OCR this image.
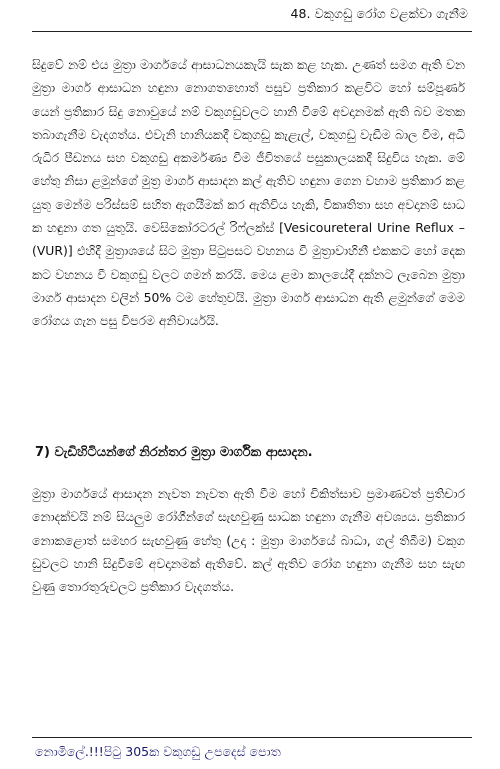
48. වකුගඩු රෝග වළක්වා ගැනීම

සිදුවේ නම් එය මුත්‍රා මාර්ගයේ ආසාධනයකැයි සැක කළ හැක. උණත් සමග ඇති වන මුත්‍රා මාර්ග ආසාධන හඳුනා නොගතහොත් පසුව ප්‍රතිකාර කළවිට හෝ සම්පූර්ණයෙන් ප්‍රතිකාර සිදු නොවුයේ නම් වකුගඩුවලට හානි වීමේ අවදානමක් ඇති බව මතක තබාගැනීම වැදගත්ය. එවැනි හානියකදී වකුගඩු කැළැල්, වකුගඩු වැඩීම බාල වීම, අධි රුධිර පීඩනය සහ වකුගඩු අකර්මණ්‍ය වීම ජීවිතයේ පසුකාලයකදී සිදුවිය හැක. මේ හේතු නිසා ළමුන්ගේ මුත්‍ර මාර්ග ආසාදන කල් ඇතිව හඳුනා ගෙන වහාම ප්‍රතිකාර කළ යුතු මෙන්ම පරිස්සම් සහිත ඇගයීමක් කර ඇතිවිය හැකි, විකෘතිතා සහ අවදානම් සාධක හඳුනා ගත යුතුයි. වෙසිකෝරටරල් රිෆ්ලක්ස් [Vesicoureteral Urine Reflux – (VUR)] එහිදී මුත්‍රාශයේ සිට මුත්‍රා පිටුපසට වහනය වී මුත්‍රාවාහිනී එකකට හෝ දෙකකට වහනය වී වකුගඩු වලට ගමන් කරයි. මෙය ළමා කාලයේදී දක්නට ලැබෙන මුත්‍රා මාර්ග ආසාදන වලින් 50% ටම හේතුවයි. මුත්‍රා මාර්ග ආසාධන ඇති ළමුන්ගේ මෙම රෝගය ගැන පසු විපරම අනිවාර්යයි.

7) වැඩිහිටියන්ගේ නිරන්තර මුත්‍රා මාර්ගික ආසාදන.

මුත්‍රා මාර්ගයේ ආසාදන නැවත නැවත ඇති වීම හෝ චිකිත්සාව ප්‍රමාණවත් ප්‍රතිචාර නොදක්වයි නම් සියලුම රෝගීන්ගේ සැඟවුණු සාධක හඳුනා ගැනීම අවශ්‍යය. ප්‍රතිකාර නොකළොත් සමහර සැඟවුණු හේතු (උදා : මුත්‍රා මාර්ගයේ බාධා, ගල් තිබීම) වකුගඩුවලට හානි සිදුවීමේ අවදානමක් ඇතිවේ. කල් ඇතිව රෝග හඳුනා ගැනීම සහ සැඟවුණු තොරතුරුවලට ප්‍රතිකාර වැදගත්ය.

නොමිලේ.!!!පිටු 305ක වකුගඩු උපදෙස් පොත
